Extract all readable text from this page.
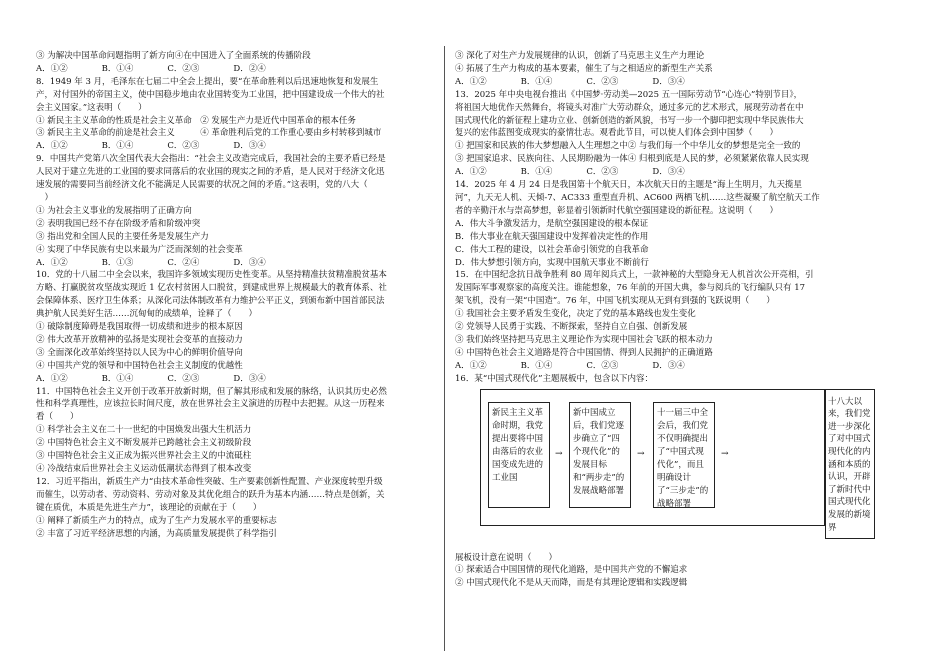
③ 为解决中国革命问题指明了新方向④在中国进入了全面系统的传播阶段
A．①②　　　　B．①④　　　　C．②③　　　　D．②④
8．1949 年 3 月，毛泽东在七届二中全会上提出，要“在革命胜利以后迅速地恢复和发展生
产，对付国外的帝国主义，使中国稳步地由农业国转变为工业国，把中国建设成一个伟大的社
会主义国家。”这表明（　　）
① 新民主主义革命的性质是社会主义革命　② 发展生产力是近代中国革命的根本任务
③ 新民主主义革命的前途是社会主义　　　④ 革命胜利后党的工作重心要由乡村转移到城市
A．①②　　　　B．①④　　　　C．②③　　　　D．③④
9．中国共产党第八次全国代表大会指出：“社会主义改造完成后，我国社会的主要矛盾已经是
人民对于建立先进的工业国的要求同落后的农业国的现实之间的矛盾，是人民对于经济文化迅
速发展的需要同当前经济文化不能满足人民需要的状况之间的矛盾。”这表明，党的八大（
　）
① 为社会主义事业的发展指明了正确方向
② 表明我国已经不存在阶级矛盾和阶级冲突
③ 指出党和全国人民的主要任务是发展生产力
④ 实现了中华民族有史以来最为广泛而深刻的社会变革
A．①②　　　　B．①③　　　　C．②④　　　　D．③④
10．党的十八届二中全会以来，我国许多领域实现历史性变革。从坚持精准扶贫精准脱贫基本
方略、打赢脱贫攻坚战实现近 1 亿农村贫困人口脱贫，到建成世界上规模最大的教育体系、社
会保障体系、医疗卫生体系；从深化司法体制改革有力维护公平正义，到颁布新中国首部民法
典护航人民美好生活……沉甸甸的成绩单，诠释了（　　）
① 破除制度障碍是我国取得一切成绩和进步的根本原因
② 伟大改革开放精神的弘扬是实现社会变革的直接动力
③ 全面深化改革始终坚持以人民为中心的鲜明价值导向
④ 中国共产党的领导和中国特色社会主义制度的优越性
A．①②　　　　B．①④　　　　C．②③　　　　D．③④
11．中国特色社会主义开创于改革开放新时期，但了解其形成和发展的脉络，认识其历史必然
性和科学真理性，应该拉长时间尺度，放在世界社会主义演进的历程中去把握。从这一历程来
看（　　）
① 科学社会主义在二十一世纪的中国焕发出强大生机活力
② 中国特色社会主义不断发展并已跨越社会主义初级阶段
③ 中国特色社会主义正成为振兴世界社会主义的中流砥柱
④ 冷战结束后世界社会主义运动低潮状态得到了根本改变
12．习近平指出，新质生产力“由技术革命性突破、生产要素创新性配置、产业深度转型升级
而催生，以劳动者、劳动资料、劳动对象及其优化组合的跃升为基本内涵……特点是创新，关
键在质优，本质是先进生产力”，该理论的贡献在于（　　）
① 阐释了新质生产力的特点，成为了生产力发展水平的重要标志
② 丰富了习近平经济思想的内涵，为高质量发展提供了科学指引
③ 深化了对生产力发展规律的认识，创新了马克思主义生产力理论
④ 拓展了生产力构成的基本要素，催生了与之相适应的新型生产关系
A．①②　　　　B．①④　　　　C．②③　　　　D．③④
13．2025 年中央电视台推出《中国梦·劳动美—2025 五一国际劳动节“心连心”特别节目》，
将祖国大地优作天然舞台，将镜头对准广大劳动群众，通过多元的艺术形式，展现劳动者在中
国式现代化的新征程上建功立业、创新创造的新风貌，书写一步一个脚印把实现中华民族伟大
复兴的宏伟蓝图变成现实的豪情壮志。观看此节目，可以使人们体会到中国梦（　　）
① 把国家和民族的伟大梦想融入人生理想之中② 与我们每一个中华儿女的梦想是完全一致的
③ 把国家追求、民族向往、人民期盼融为一体④ 归根到底是人民的梦，必须紧紧依靠人民实现
A．①②　　　　B．①④　　　　C．②③　　　　D．③④
14．2025 年 4 月 24 日是我国第十个航天日，本次航天日的主题是“海上生明月，九天揽星
河”，九天无人机、天倾-7、AC333 重型直升机、AC600 两栖飞机……这些凝聚了航空航天工作
者的辛勤汗水与崇高梦想，彰显着引领新时代航空强国建设的新征程。这说明（　　）
A．伟大斗争激发活力，是航空强国建设的根本保证
B．伟大事业在航天强国建设中发挥着决定性的作用
C．伟大工程的建设，以社会革命引领党的自我革命
D．伟大梦想引领方向，实现中国航天事业不断前行
15．在中国纪念抗日战争胜利 80 周年阅兵式上，一款神秘的大型隐身无人机首次公开亮相，引
发国际军事观察家的高度关注。谁能想象，76 年前的开国大典，参与阅兵的飞行编队只有 17
架飞机，没有一架“中国造”。76 年，中国飞机实现从无到有到强的飞跃说明（　　）
① 我国社会主要矛盾发生变化，决定了党的基本路线也发生变化
② 党领导人民勇于实践、不断探索，坚持自立自强、创新发展
③ 我们始终坚持把马克思主义理论作为实现中国社会飞跃的根本动力
④ 中国特色社会主义道路是符合中国国情、得到人民拥护的正确道路
A．①②　　　　B．①④　　　　C．②③　　　　D．③④
16．某“中国式现代化”主题展板中，包含以下内容：
新民主主义革命时期，我党提出要将中国由落后的农业国变成先进的工业国
→
新中国成立后，我们党逐步确立了“四个现代化”的发展目标和“两步走”的发展战略部署
→
十一届三中全会后，我们党不仅明确提出了“中国式现代化”，而且明确设计了“三步走”的战略部署
→
十八大以来，我们党进一步深化了对中国式现代化的内涵和本质的认识，开辟了新时代中国式现代化发展的新境界
展板设计意在说明（　　）
① 探索适合中国国情的现代化道路，是中国共产党的不懈追求
② 中国式现代化不是从天而降，而是有其理论逻辑和实践逻辑
